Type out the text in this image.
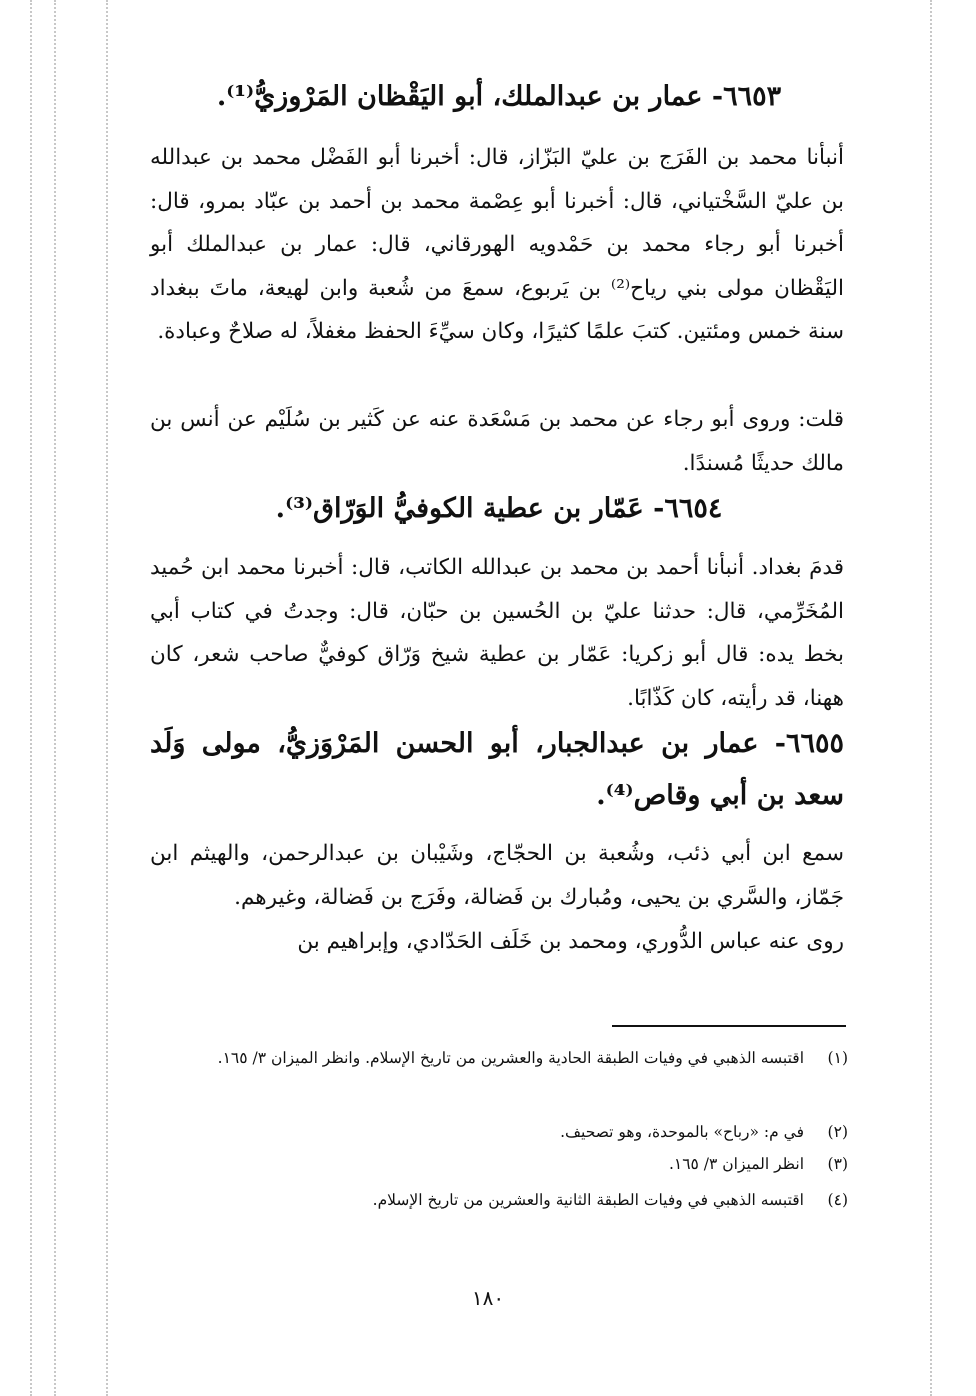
٦٦٥٣- عمار بن عبدالملك، أبو اليَقْظان المَرْوزيُّ⁽¹⁾.
أنبأنا محمد بن الفَرَج بن عليّ البَزّاز، قال: أخبرنا أبو الفَضْل محمد بن عبدالله بن عليّ السَّخْتياني، قال: أخبرنا أبو عِصْمة محمد بن أحمد بن عبّاد بمرو، قال: أخبرنا أبو رجاء محمد بن حَمْدويه الهورقاني، قال: عمار بن عبدالملك أبو اليَقْظان مولى بني رياح⁽²⁾ بن يَربوع، سمعَ من شُعبة وابن لهيعة، ماتَ ببغداد سنة خمس ومئتين. كتبَ علمًا كثيرًا، وكان سيِّءَ الحفظ مغفلاً، له صلاحٌ وعبادة.
قلت: وروى أبو رجاء عن محمد بن مَسْعَدة عنه عن كَثير بن سُلَيْم عن أنس بن مالك حديثًا مُسندًا.
٦٦٥٤- عَمّار بن عطية الكوفيُّ الوَرّاق⁽³⁾.
قدمَ بغداد. أنبأنا أحمد بن محمد بن عبدالله الكاتب، قال: أخبرنا محمد ابن حُميد المُخَرِّمي، قال: حدثنا عليّ بن الحُسين بن حبّان، قال: وجدتُ في كتاب أبي بخط يده: قال أبو زكريا: عَمّار بن عطية شيخ وَرّاق كوفيٌّ صاحب شعر، كان ههنا، قد رأيته، كان كَذّابًا.
٦٦٥٥- عمار بن عبدالجبار، أبو الحسن المَرْوَزيُّ، مولى وَلَد سعد بن أبي وقاص⁽⁴⁾.
سمع ابن أبي ذئب، وشُعبة بن الحجّاج، وشَيْبان بن عبدالرحمن، والهيثم ابن جَمّاز، والسَّري بن يحيى، ومُبارك بن فَضالة، وفَرَج بن فَضالة، وغيرهم.
روى عنه عباس الدُّوري، ومحمد بن خَلَف الحَدّادي، وإبراهيم بن
(١)
اقتبسه الذهبي في وفيات الطبقة الحادية والعشرين من تاريخ الإسلام. وانظر الميزان ٣/ ١٦٥.
(٢)
في م: «رباح» بالموحدة، وهو تصحيف.
(٣)
انظر الميزان ٣/ ١٦٥.
(٤)
اقتبسه الذهبي في وفيات الطبقة الثانية والعشرين من تاريخ الإسلام.
١٨٠
